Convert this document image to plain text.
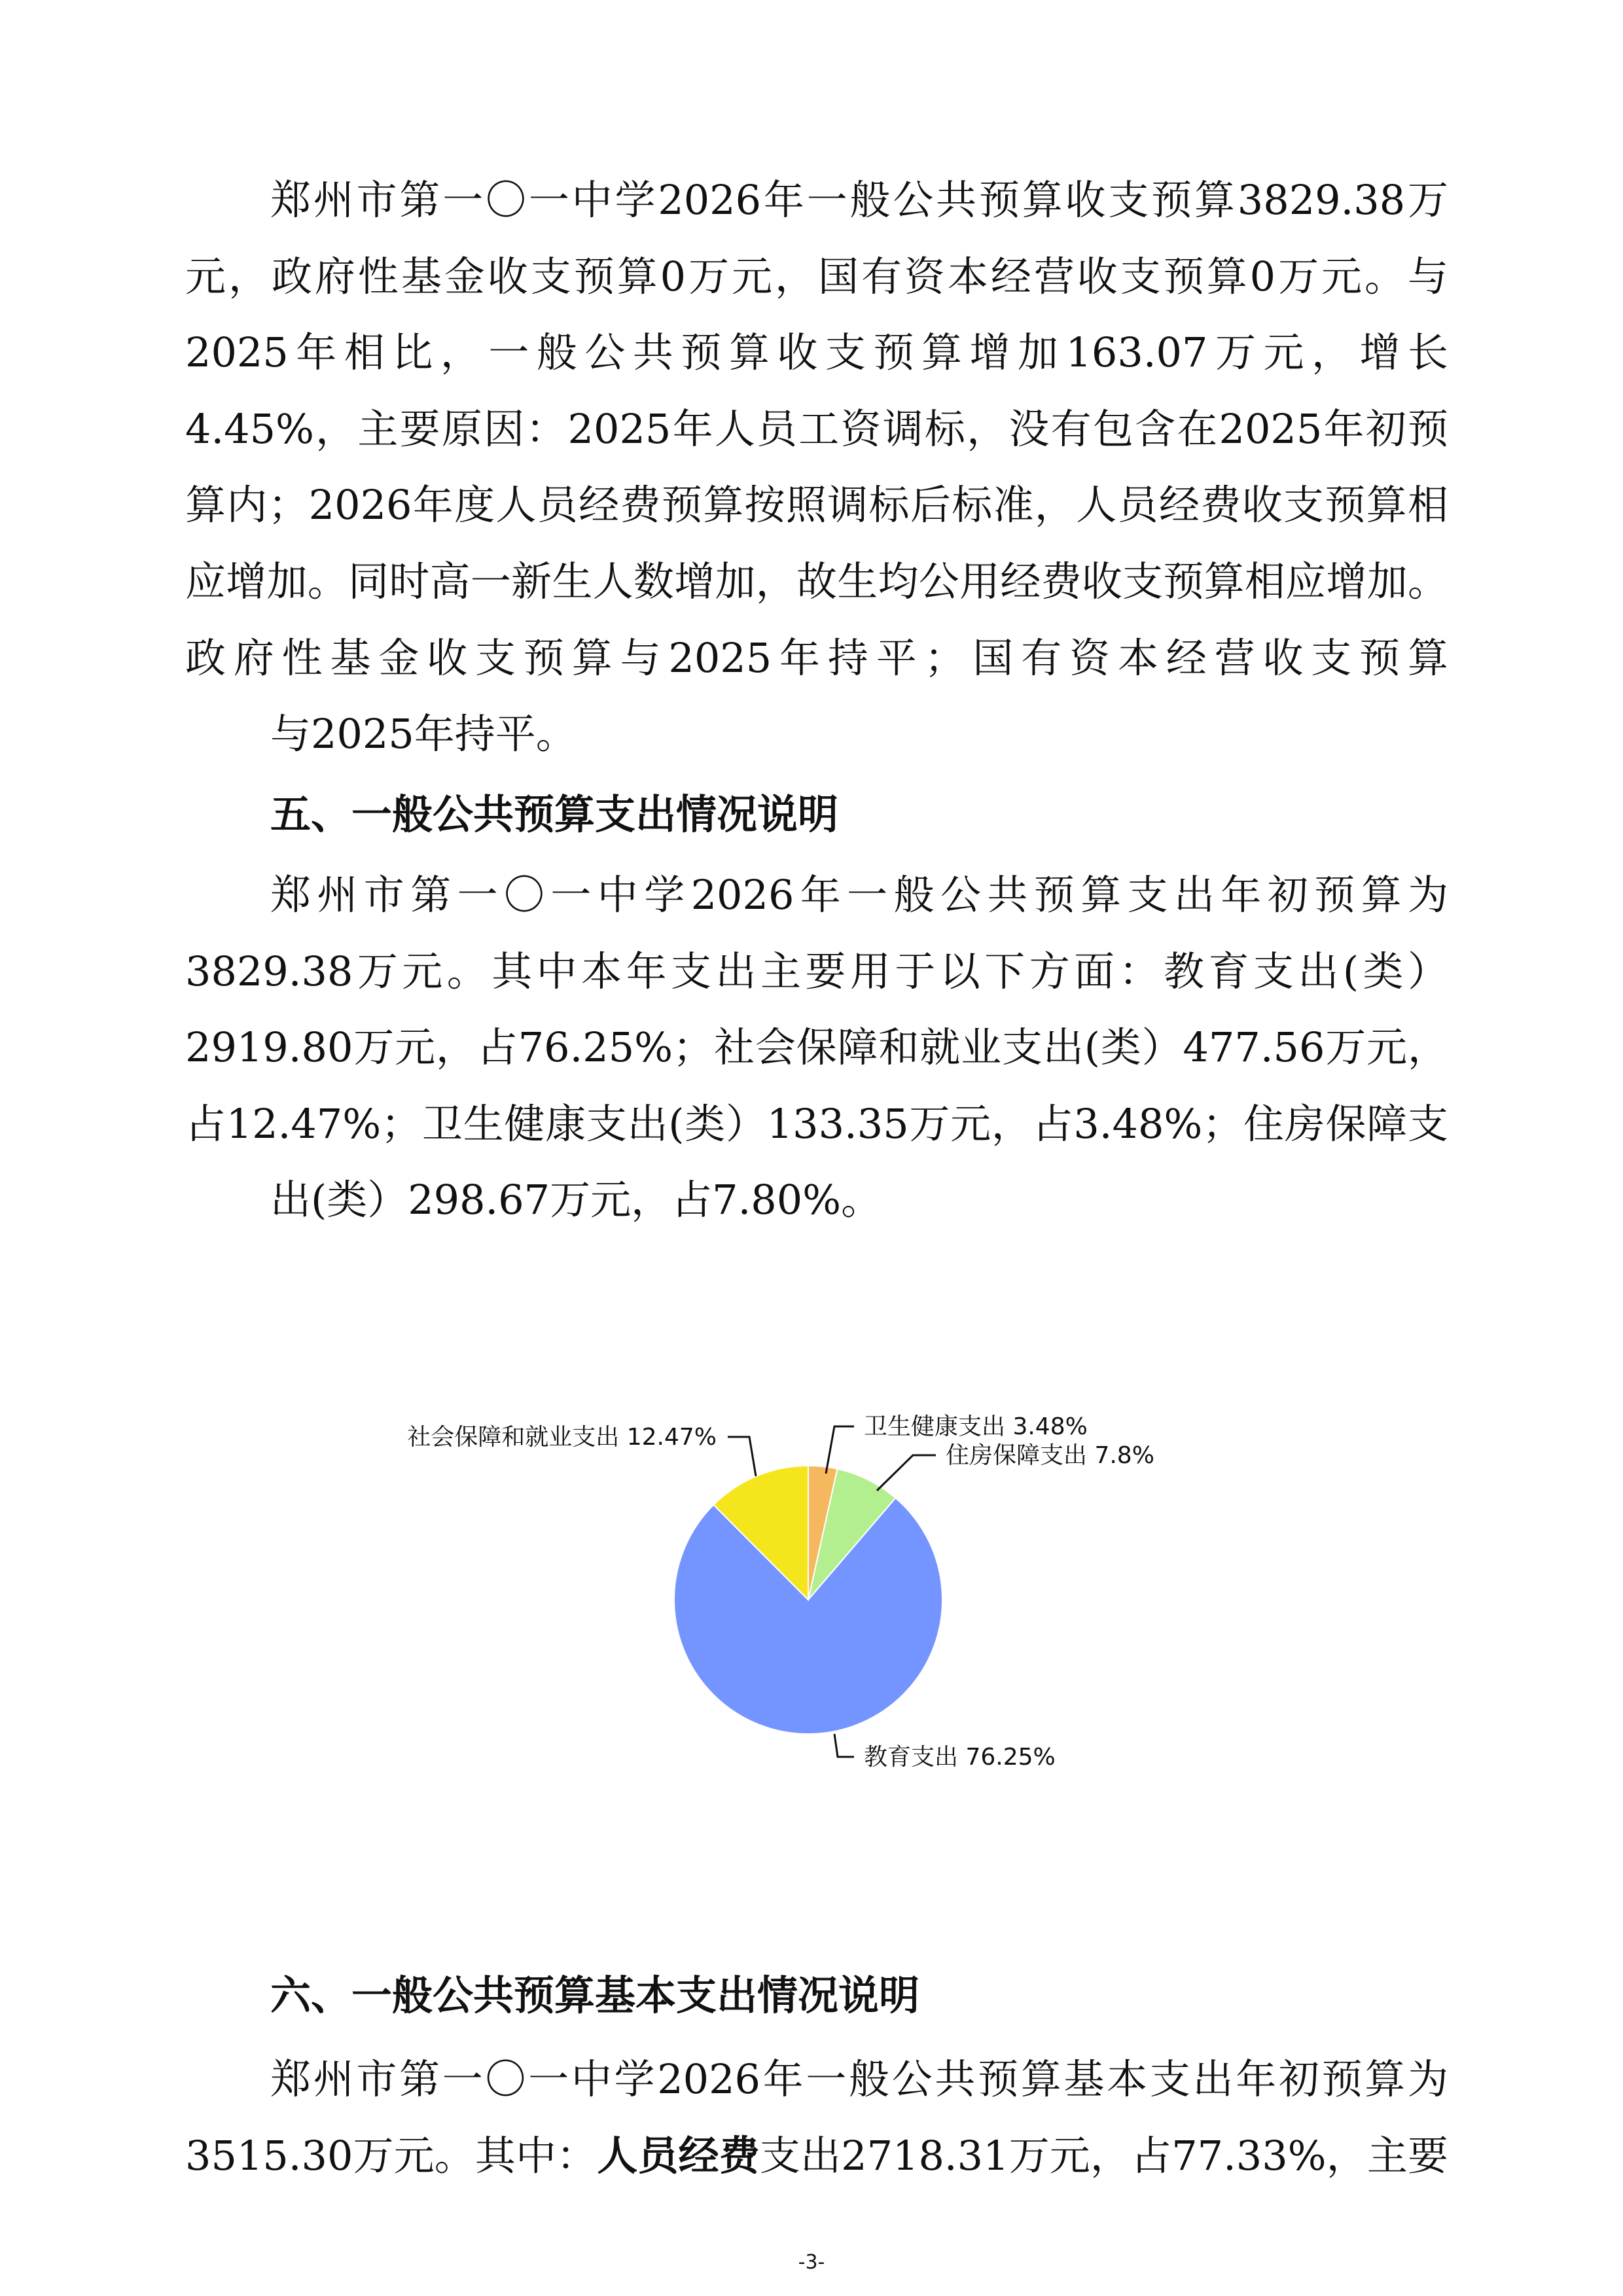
郑州市第一〇一中学2026年一般公共预算收支预算3829.38万元，政府性基金收支预算0万元，国有资本经营收支预算0万元。与2025年相比，一般公共预算收支预算增加163.07万元，增长4.45%，主要原因：2025年人员工资调标，没有包含在2025年初预算内；2026年度人员经费预算按照调标后标准，人员经费收支预算相应增加。同时高一新生人数增加，故生均公用经费收支预算相应增加。政府性基金收支预算与2025年持平；国有资本经营收支预算
与2025年持平。

五、一般公共预算支出情况说明

郑州市第一〇一中学2026年一般公共预算支出年初预算为3829.38万元。其中本年支出主要用于以下方面：教育支出(类）2919.80万元，占76.25%；社会保障和就业支出(类）477.56万元，占12.47%；卫生健康支出(类）133.35万元，占3.48%；住房保障支
出(类）298.67万元，占7.80%。

卫生健康支出 3.48%
住房保障支出 7.8%
教育支出 76.25%
社会保障和就业支出 12.47%
六、一般公共预算基本支出情况说明

郑州市第一〇一中学2026年一般公共预算基本支出年初预算为3515.30万元。其中：人员经费支出2718.31万元，占77.33%，主要

-3-
